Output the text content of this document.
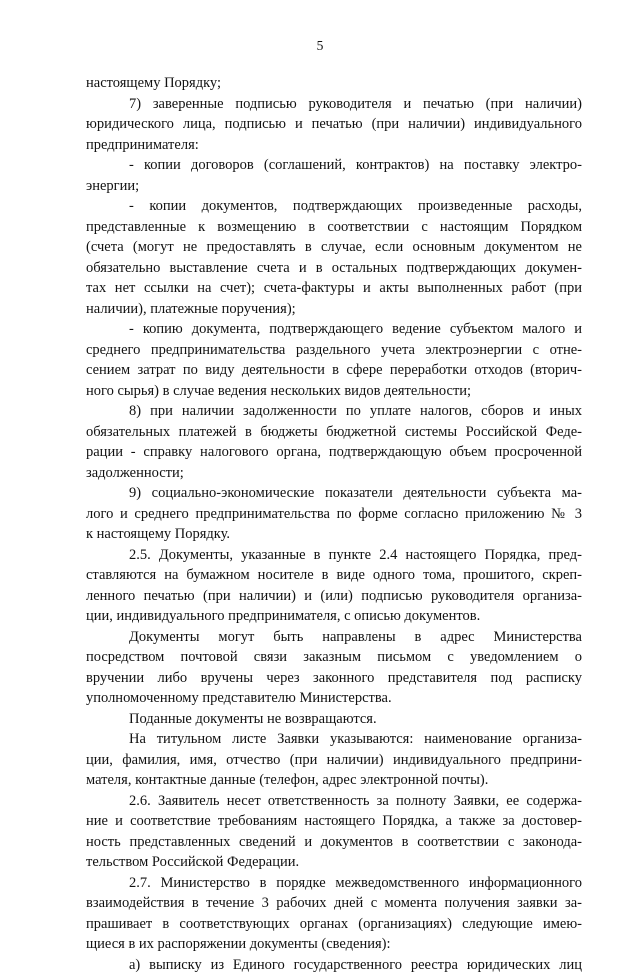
5
настоящему Порядку;
7) заверенные подписью руководителя и печатью (при наличии)
юридического лица, подписью и печатью (при наличии) индивидуального
предпринимателя:
- копии договоров (соглашений, контрактов) на поставку электро-
энергии;
- копии документов, подтверждающих произведенные расходы,
представленные к возмещению в соответствии с настоящим Порядком
(счета (могут не предоставлять в случае, если основным документом не
обязательно выставление счета и в остальных подтверждающих докумен-
тах нет ссылки на счет); счета-фактуры и акты выполненных работ (при
наличии), платежные поручения);
- копию документа, подтверждающего ведение субъектом малого и
среднего предпринимательства раздельного учета электроэнергии с отне-
сением затрат по виду деятельности в сфере переработки отходов (вторич-
ного сырья) в случае ведения нескольких видов деятельности;
8) при наличии задолженности по уплате налогов, сборов и иных
обязательных платежей в бюджеты бюджетной системы Российской Феде-
рации - справку налогового органа, подтверждающую объем просроченной
задолженности;
9) социально-экономические показатели деятельности субъекта ма-
лого и среднего предпринимательства по форме согласно приложению № 3
к настоящему Порядку.
2.5. Документы, указанные в пункте 2.4 настоящего Порядка, пред-
ставляются на бумажном носителе в виде одного тома, прошитого, скреп-
ленного печатью (при наличии) и (или) подписью руководителя организа-
ции, индивидуального предпринимателя, с описью документов.
Документы могут быть направлены в адрес Министерства
посредством почтовой связи заказным письмом с уведомлением о
вручении либо вручены через законного представителя под расписку
уполномоченному представителю Министерства.
Поданные документы не возвращаются.
На титульном листе Заявки указываются: наименование организа-
ции, фамилия, имя, отчество (при наличии) индивидуального предприни-
мателя, контактные данные (телефон, адрес электронной почты).
2.6. Заявитель несет ответственность за полноту Заявки, ее содержа-
ние и соответствие требованиям настоящего Порядка, а также за достовер-
ность представленных сведений и документов в соответствии с законода-
тельством Российской Федерации.
2.7. Министерство в порядке межведомственного информационного
взаимодействия в течение 3 рабочих дней с момента получения заявки за-
прашивает в соответствующих органах (организациях) следующие имею-
щиеся в их распоряжении документы (сведения):
а) выписку из Единого государственного реестра юридических лиц
